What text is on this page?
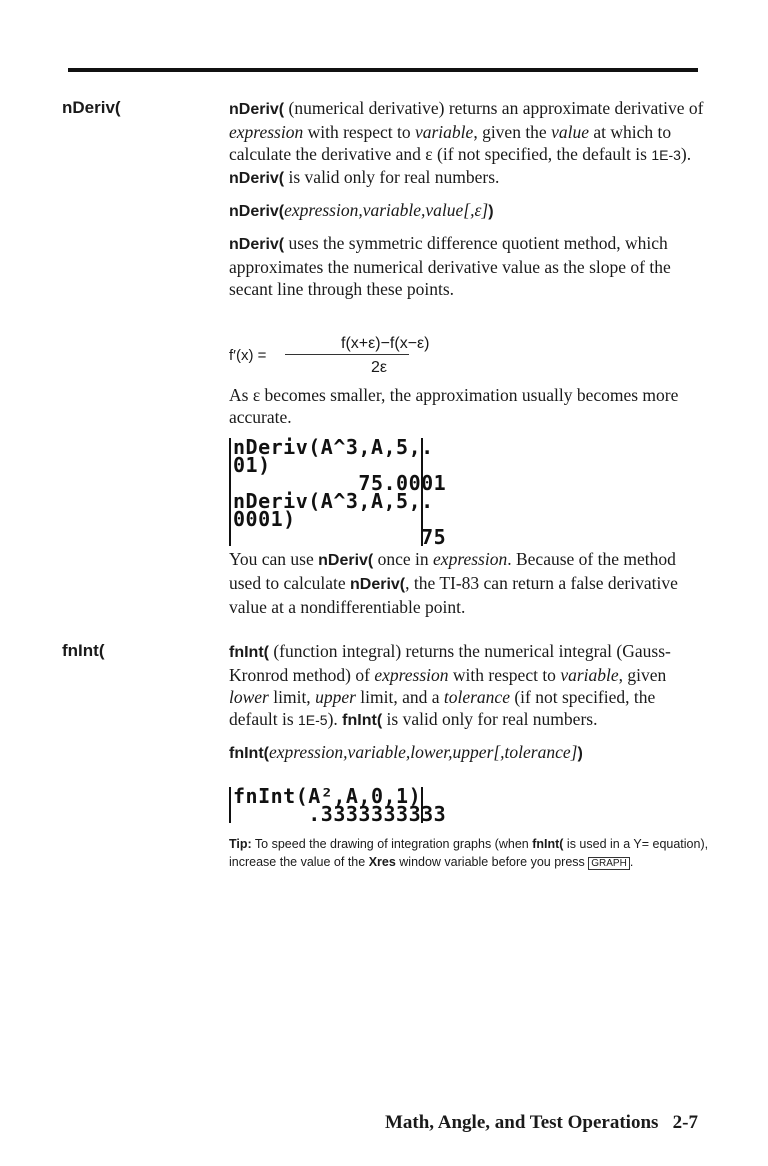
nDeriv(	nDeriv( (numerical derivative) returns an approximate derivative of expression with respect to variable, given the value at which to calculate the derivative and ε (if not specified, the default is 1E-3). nDeriv( is valid only for real numbers.

nDeriv(expression,variable,value[,ε])

nDeriv( uses the symmetric difference quotient method, which approximates the numerical derivative value as the slope of the secant line through these points.

f′(x) =
f(x+ε)−f(x−ε)
2ε

As ε becomes smaller, the approximation usually becomes more accurate.

nDeriv(A^3,A,5,.
01)
75.0001
nDeriv(A^3,A,5,.
0001)
75

You can use nDeriv( once in expression. Because of the method used to calculate nDeriv(, the TI-83 can return a false derivative value at a nondifferentiable point.

fnInt(	fnInt( (function integral) returns the numerical integral (Gauss-Kronrod method) of expression with respect to variable, given lower limit, upper limit, and a tolerance (if not specified, the default is 1E-5). fnInt( is valid only for real numbers.

fnInt(expression,variable,lower,upper[,tolerance])

fnInt(A²,A,0,1)
.3333333333
Tip: To speed the drawing of integration graphs (when fnInt( is used in a Y= equation), increase the value of the Xres window variable before you press GRAPH .
Math, Angle, and Test Operations 2-7
